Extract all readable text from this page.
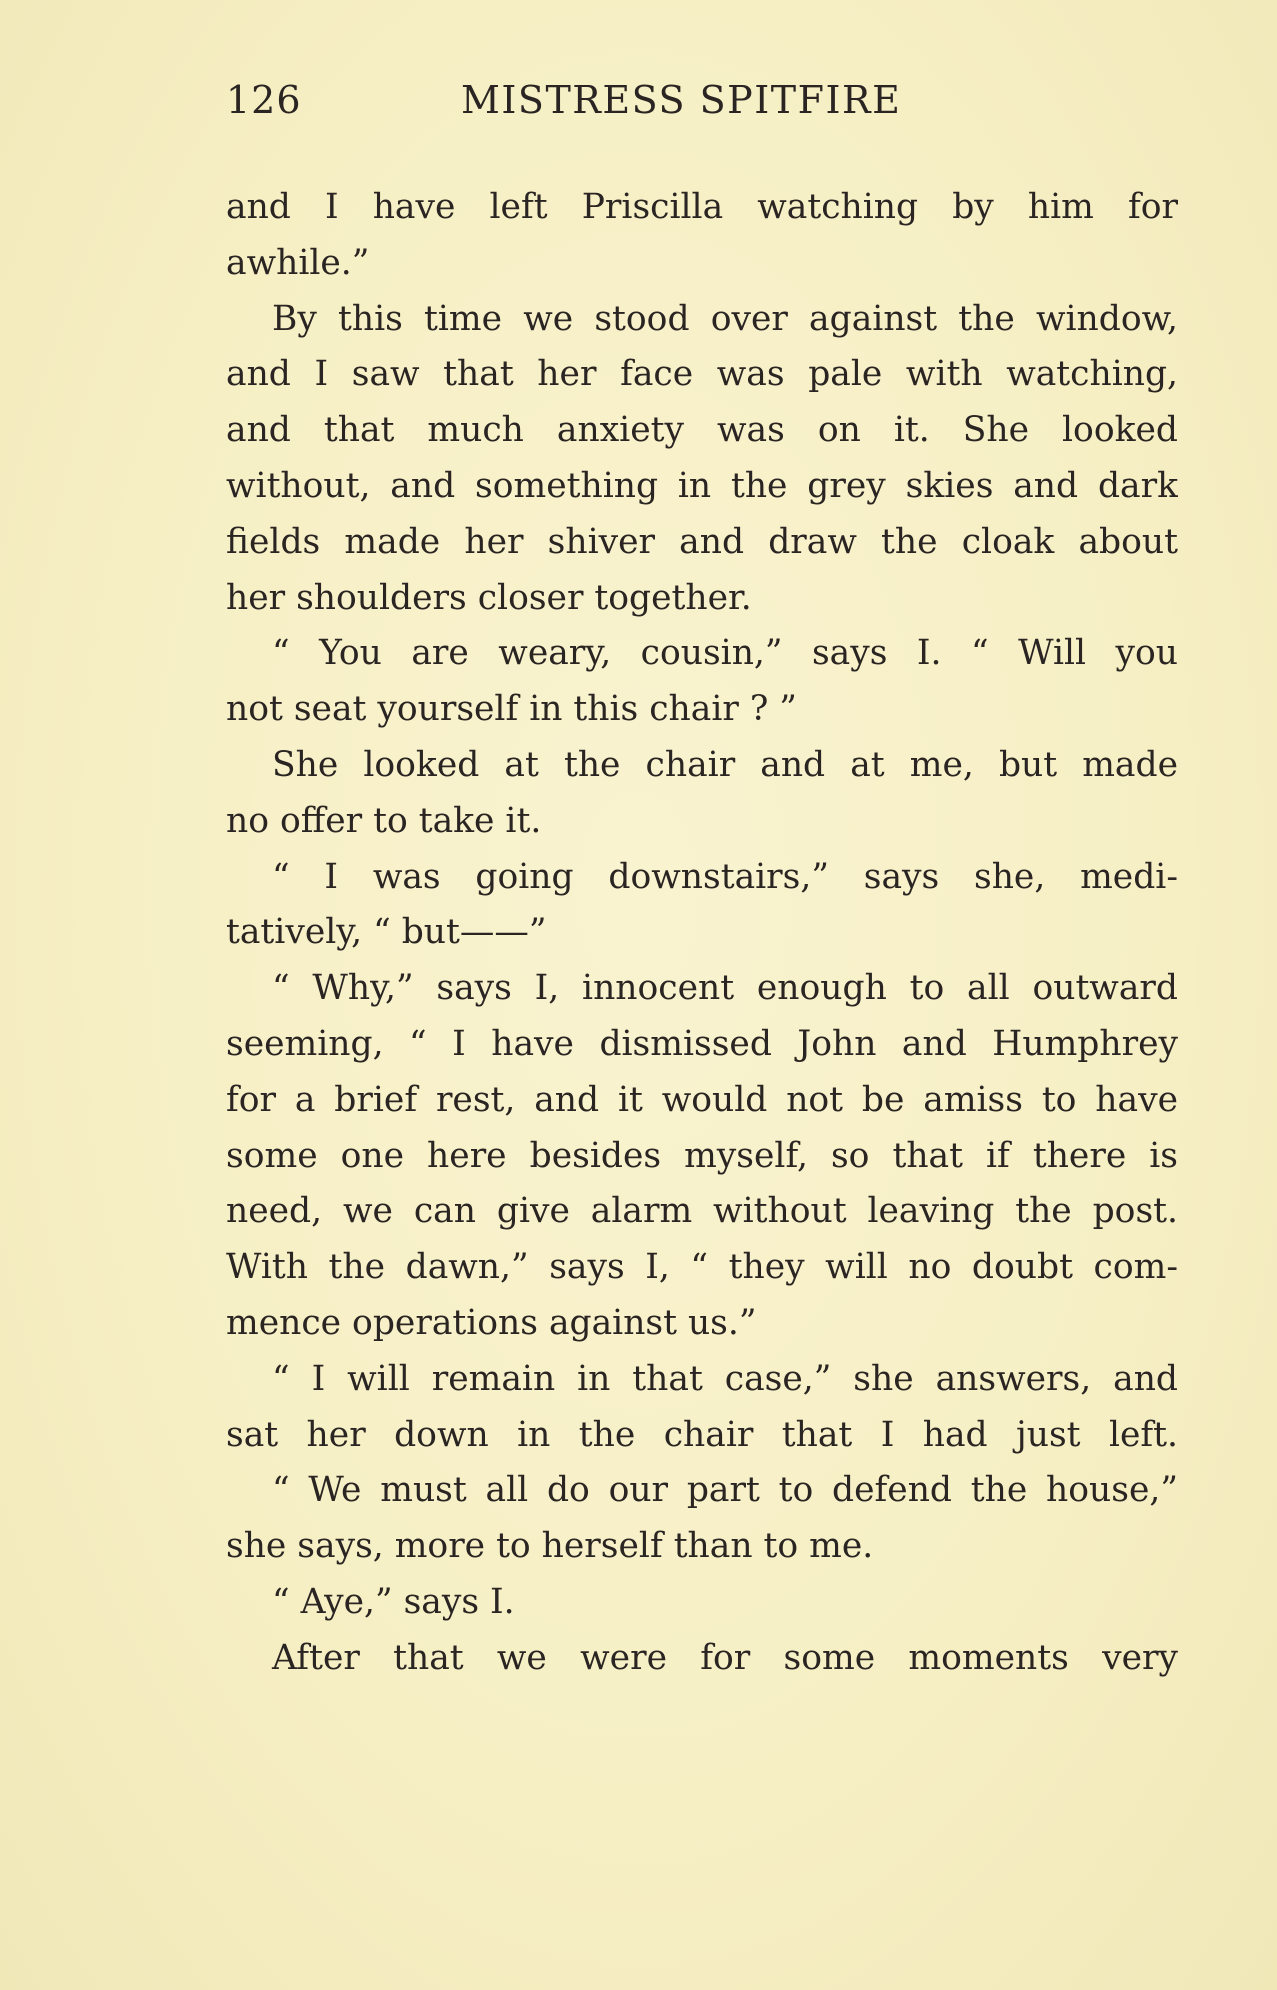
126	MISTRESS SPITFIRE
and I have left Priscilla watching by him for
awhile.”
By this time we stood over against the window,
and I saw that her face was pale with watching,
and that much anxiety was on it. She looked
without, and something in the grey skies and dark
fields made her shiver and draw the cloak about
her shoulders closer together.
“ You are weary, cousin,” says I. “ Will you
not seat yourself in this chair ? ”
She looked at the chair and at me, but made
no offer to take it.
“ I was going downstairs,” says she, medi-
tatively, “ but——”
“ Why,” says I, innocent enough to all outward
seeming, “ I have dismissed John and Humphrey
for a brief rest, and it would not be amiss to have
some one here besides myself, so that if there is
need, we can give alarm without leaving the post.
With the dawn,” says I, “ they will no doubt com-
mence operations against us.”
“ I will remain in that case,” she answers, and
sat her down in the chair that I had just left.
“ We must all do our part to defend the house,”
she says, more to herself than to me.
“ Aye,” says I.
After that we were for some moments very
